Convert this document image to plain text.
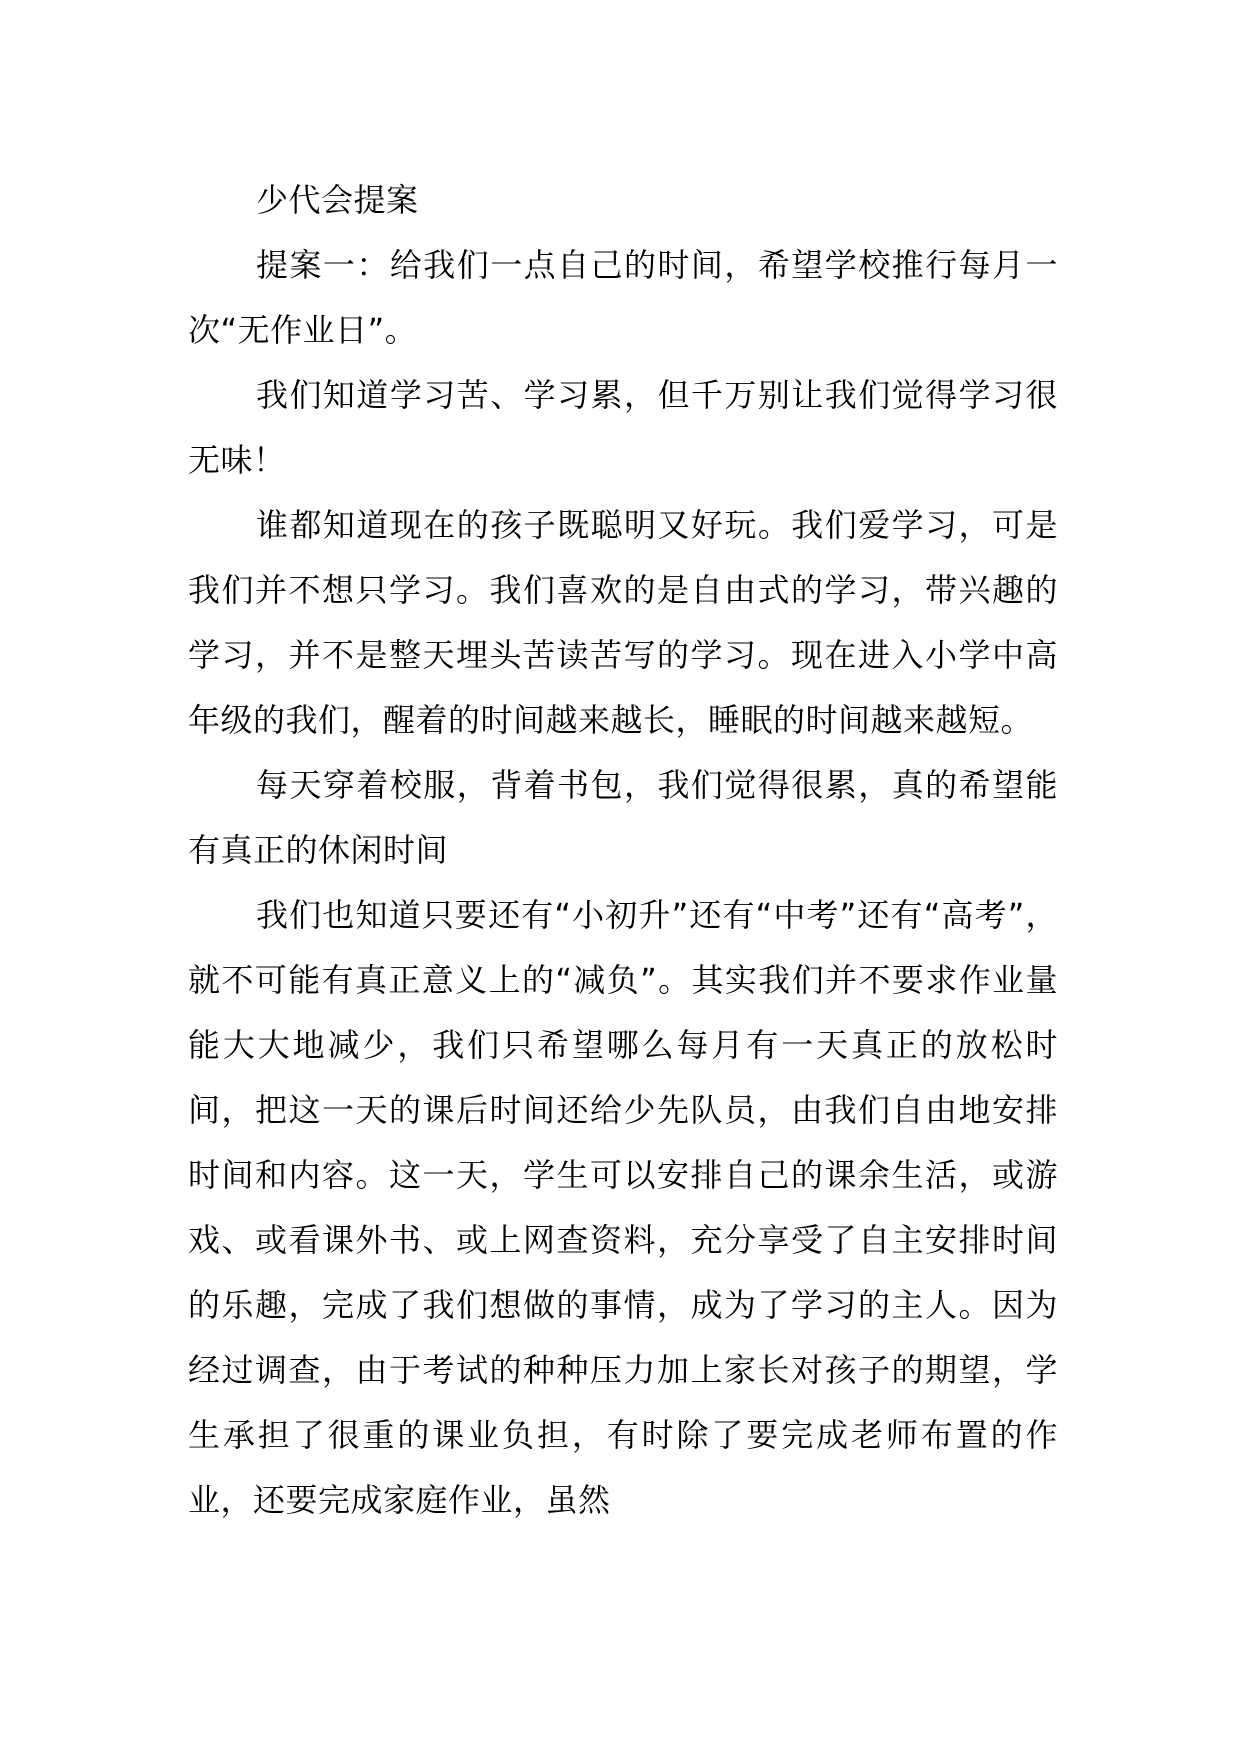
少代会提案

提案一：给我们一点自己的时间，希望学校推行每月一次“无作业日”。

我们知道学习苦、学习累，但千万别让我们觉得学习很无味！

谁都知道现在的孩子既聪明又好玩。我们爱学习，可是我们并不想只学习。我们喜欢的是自由式的学习，带兴趣的学习，并不是整天埋头苦读苦写的学习。现在进入小学中高年级的我们，醒着的时间越来越长，睡眠的时间越来越短。

每天穿着校服，背着书包，我们觉得很累，真的希望能有真正的休闲时间

我们也知道只要还有“小初升”还有“中考”还有“高考”，就不可能有真正意义上的“减负”。其实我们并不要求作业量能大大地减少，我们只希望哪么每月有一天真正的放松时间，把这一天的课后时间还给少先队员，由我们自由地安排时间和内容。这一天，学生可以安排自己的课余生活，或游戏、或看课外书、或上网查资料，充分享受了自主安排时间的乐趣，完成了我们想做的事情，成为了学习的主人。因为经过调查，由于考试的种种压力加上家长对孩子的期望，学生承担了很重的课业负担，有时除了要完成老师布置的作业，还要完成家庭作业，虽然
